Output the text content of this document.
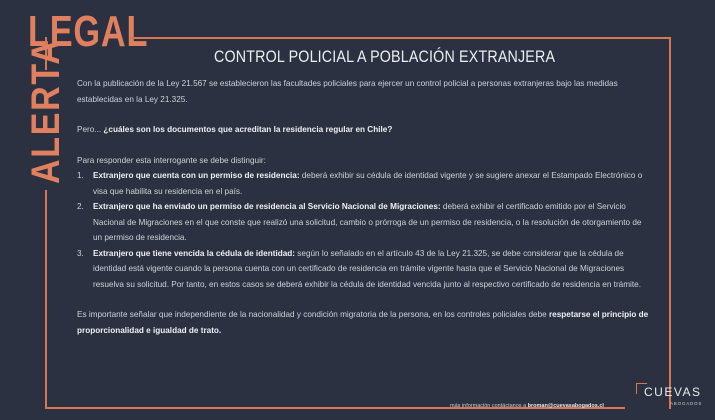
LEGAL
ALERTA	CONTROL POLICIAL A POBLACIÓN EXTRANJERA

Con la publicación de la Ley 21.567 se establecieron las facultades policiales para ejercer un control policial a personas extranjeras bajo las medidas establecidas en la Ley 21.325.

Pero... ¿cuáles son los documentos que acreditan la residencia regular en Chile?

Para responder esta interrogante se debe distinguir:

1.	Extranjero que cuenta con un permiso de residencia: deberá exhibir su cédula de identidad vigente y se sugiere anexar el Estampado Electrónico o visa que habilita su residencia en el país.
2.	Extranjero que ha enviado un permiso de residencia al Servicio Nacional de Migraciones: deberá exhibir el certificado emitido por el Servicio Nacional de Migraciones en el que conste que realizó una solicitud, cambio o prórroga de un permiso de residencia, o la resolución de otorgamiento de un permiso de residencia.
3.	Extranjero que tiene vencida la cédula de identidad: según lo señalado en el artículo 43 de la Ley 21.325, se debe considerar que la cédula de identidad está vigente cuando la persona cuenta con un certificado de residencia en trámite vigente hasta que el Servicio Nacional de Migraciones resuelva su solicitud. Por tanto, en estos casos se deberá exhibir la cédula de identidad vencida junto al respectivo certificado de residencia en trámite.

Es importante señalar que independiente de la nacionalidad y condición migratoria de la persona, en los controles policiales debe respetarse el principio de proporcionalidad e igualdad de trato.

más información contáctanos a broman@cuevasabogados.cl
CUEVAS
ABOGADOS
